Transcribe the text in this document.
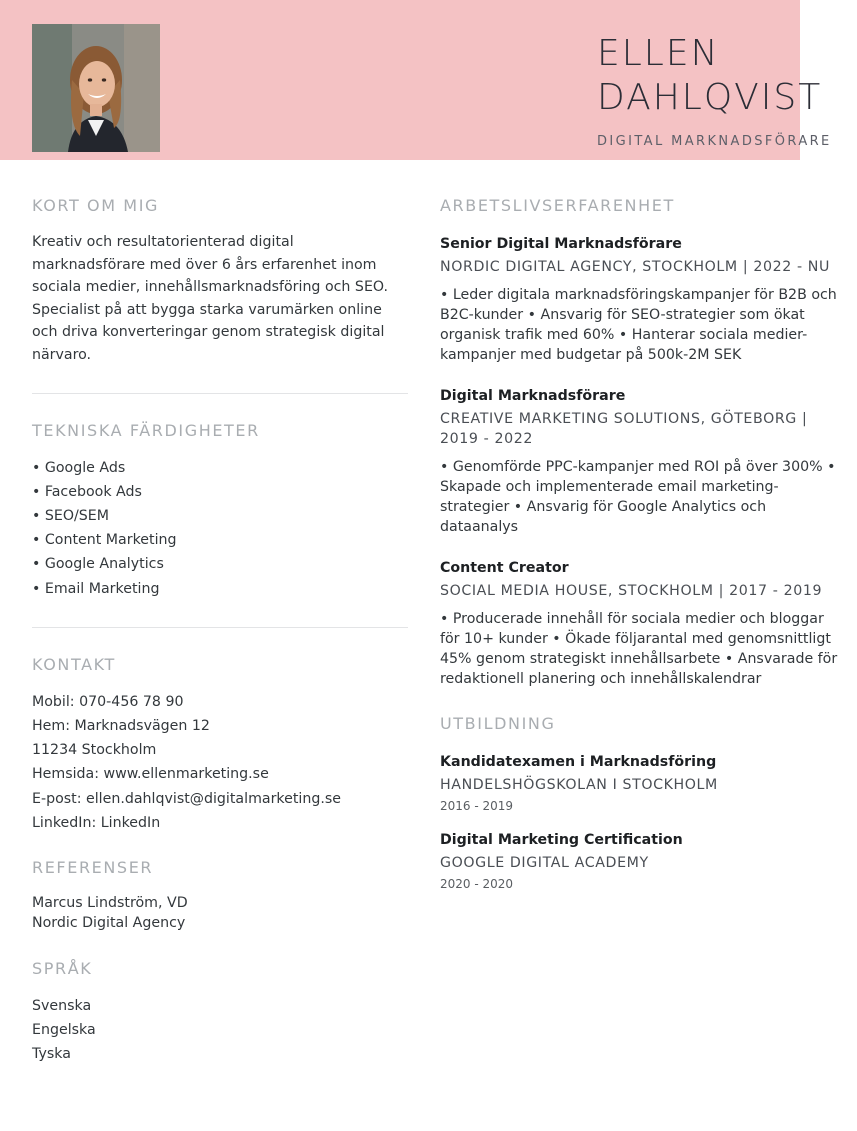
ELLEN
DAHLQVIST
DIGITAL MARKNADSFÖRARE
KORT OM MIG

Kreativ och resultatorienterad digital marknadsförare med över 6 års erfarenhet inom sociala medier, innehållsmarknadsföring och SEO. Specialist på att bygga starka varumärken online och driva konverteringar genom strategisk digital närvaro.

TEKNISKA FÄRDIGHETER
• Google Ads
• Facebook Ads
• SEO/SEM
• Content Marketing
• Google Analytics
• Email Marketing
KONTAKT
Mobil: 070-456 78 90
Hem: Marknadsvägen 12
11234 Stockholm
Hemsida: www.ellenmarketing.se
E-post: ellen.dahlqvist@digitalmarketing.se
LinkedIn: LinkedIn
REFERENSER
Marcus Lindström, VD
Nordic Digital Agency
SPRÅK
Svenska
Engelska
Tyska
ARBETSLIVSERFARENHET
Senior Digital Marknadsförare
NORDIC DIGITAL AGENCY, STOCKHOLM | 2022 - NU
• Leder digitala marknadsföringskampanjer för B2B och
B2C-kunder • Ansvarig för SEO-strategier som ökat
organisk trafik med 60% • Hanterar sociala medier-
kampanjer med budgetar på 500k-2M SEK
Digital Marknadsförare
CREATIVE MARKETING SOLUTIONS, GÖTEBORG |
2019 - 2022
• Genomförde PPC-kampanjer med ROI på över 300% •
Skapade och implementerade email marketing-
strategier • Ansvarig för Google Analytics och
dataanalys
Content Creator
SOCIAL MEDIA HOUSE, STOCKHOLM | 2017 - 2019
• Producerade innehåll för sociala medier och bloggar
för 10+ kunder • Ökade följarantal med genomsnittligt
45% genom strategiskt innehållsarbete • Ansvarade för
redaktionell planering och innehållskalendrar
UTBILDNING
Kandidatexamen i Marknadsföring
HANDELSHÖGSKOLAN I STOCKHOLM
2016 - 2019
Digital Marketing Certification
GOOGLE DIGITAL ACADEMY
2020 - 2020
